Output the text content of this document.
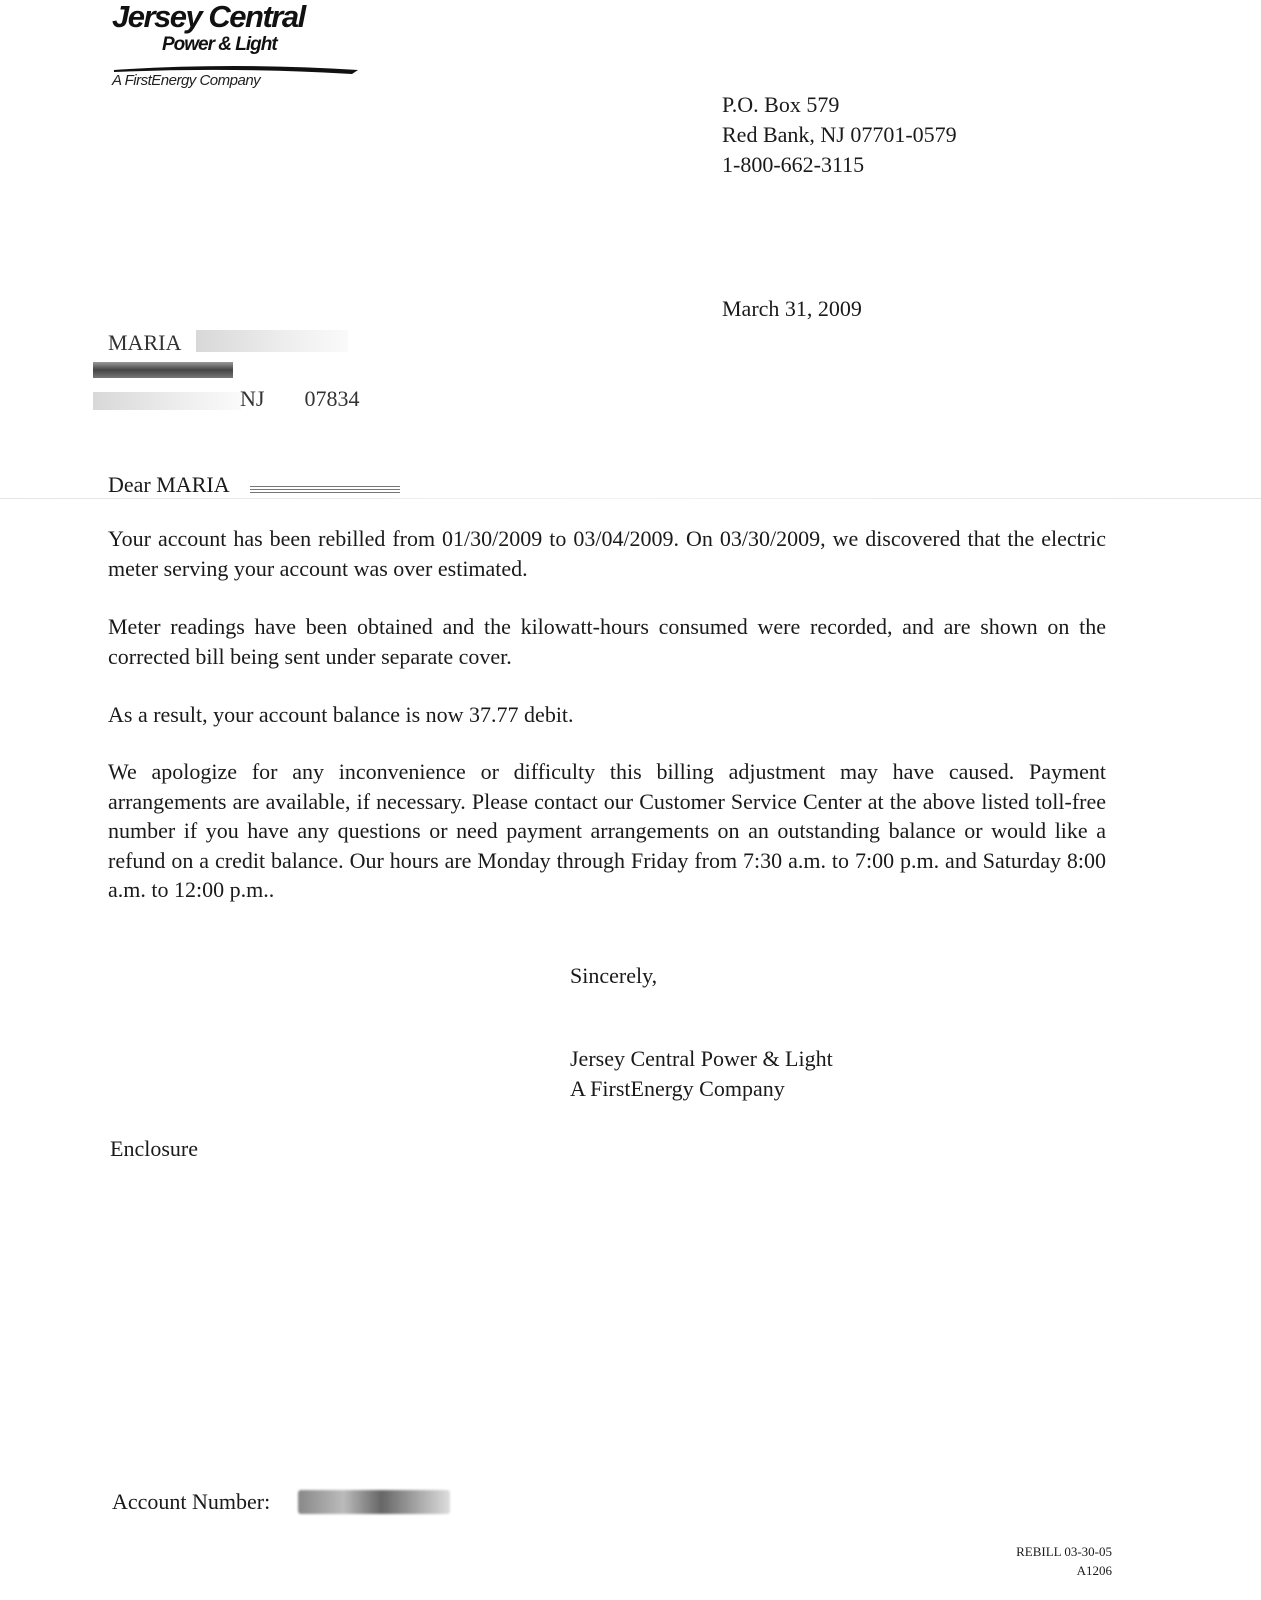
Jersey Central
Power & Light
A FirstEnergy Company
P.O. Box 579
Red Bank, NJ 07701-0579
1-800-662-3115
March 31, 2009
MARIA
NJ 07834
Dear MARIA
Your account has been rebilled from 01/30/2009 to 03/04/2009. On 03/30/2009, we discovered that the electric meter serving your account was over estimated.
Meter readings have been obtained and the kilowatt-hours consumed were recorded, and are shown on the corrected bill being sent under separate cover.
As a result, your account balance is now 37.77 debit.
We apologize for any inconvenience or difficulty this billing adjustment may have caused. Payment arrangements are available, if necessary. Please contact our Customer Service Center at the above listed toll-free number if you have any questions or need payment arrangements on an outstanding balance or would like a refund on a credit balance. Our hours are Monday through Friday from 7:30 a.m. to 7:00 p.m. and Saturday 8:00 a.m. to 12:00 p.m..
Sincerely,
Jersey Central Power & Light
A FirstEnergy Company
Enclosure
Account Number:
REBILL 03-30-05
A1206
